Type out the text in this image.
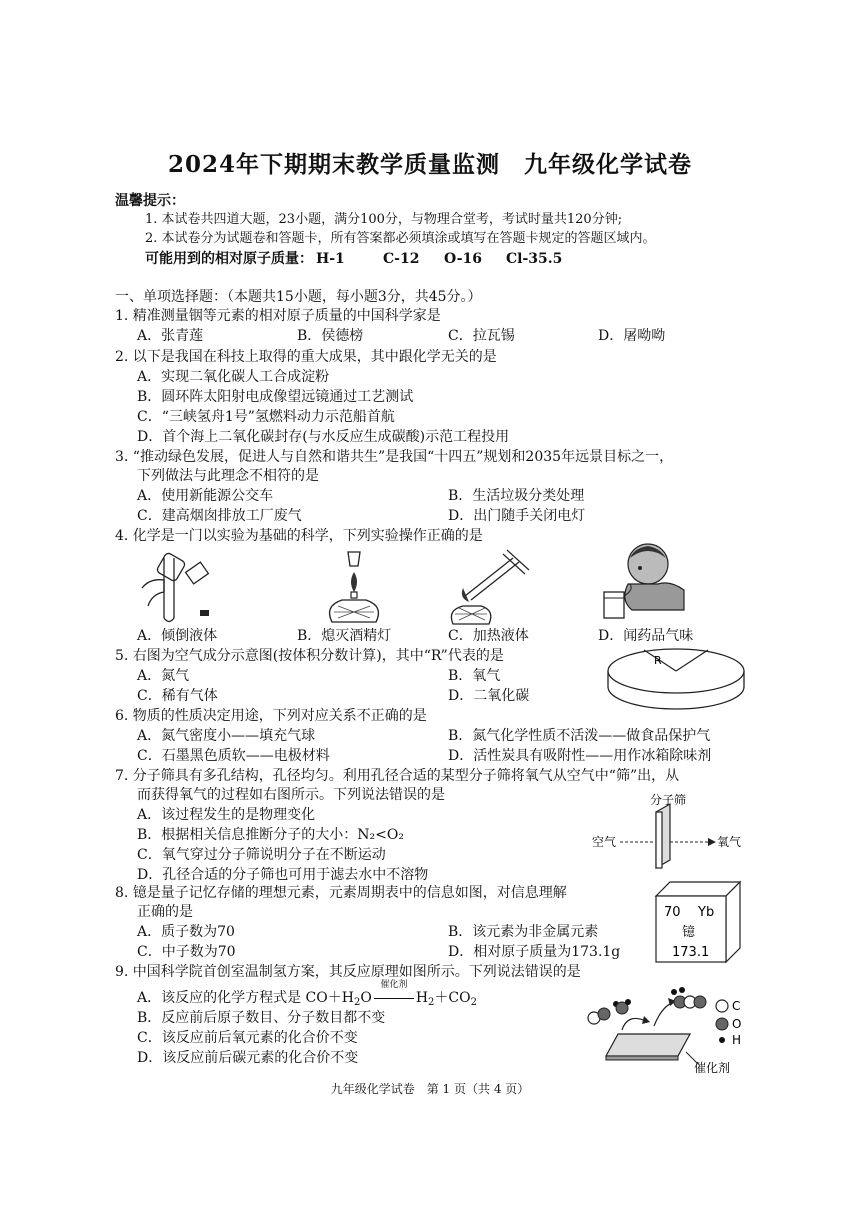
2024年下期期末教学质量监测　九年级化学试卷
温馨提示：
1. 本试卷共四道大题，23小题，满分100分，与物理合堂考，考试时量共120分钟;
2. 本试卷分为试题卷和答题卡，所有答案都必须填涂或填写在答题卡规定的答题区域内。
可能用到的相对原子质量： H-1	C-12 O-16 Cl-35.5
一、单项选择题：（本题共15小题，每小题3分，共45分。）
1. 精准测量铟等元素的相对原子质量的中国科学家是
A．张青莲	B．侯德榜	C．拉瓦锡	D．屠呦呦
2. 以下是我国在科技上取得的重大成果，其中跟化学无关的是
A．实现二氧化碳人工合成淀粉
B．圆环阵太阳射电成像望远镜通过工艺测试
C．“三峡氢舟1号”氢燃料动力示范船首航
D．首个海上二氧化碳封存(与水反应生成碳酸)示范工程投用
3. “推动绿色发展，促进人与自然和谐共生”是我国“十四五”规划和2035年远景目标之一，
下列做法与此理念不相符的是
A．使用新能源公交车	B．生活垃圾分类处理
C．建高烟囱排放工厂废气	D．出门随手关闭电灯
4. 化学是一门以实验为基础的科学，下列实验操作正确的是
A．倾倒液体	B．熄灭酒精灯	C．加热液体	D．闻药品气味
5. 右图为空气成分示意图(按体积分数计算)，其中“R”代表的是
A．氮气	B．氧气
C．稀有气体	D．二氧化碳
R
6. 物质的性质决定用途，下列对应关系不正确的是
A．氮气密度小——填充气球	B．氮气化学性质不活泼——做食品保护气
C．石墨黑色质软——电极材料	D．活性炭具有吸附性——用作冰箱除味剂
7. 分子筛具有多孔结构，孔径均匀。利用孔径合适的某型分子筛将氧气从空气中“筛”出，从
而获得氧气的过程如右图所示。下列说法错误的是
A．该过程发生的是物理变化
B．根据相关信息推断分子的大小：N₂<O₂
C．氧气穿过分子筛说明分子在不断运动
D．孔径合适的分子筛也可用于滤去水中不溶物
分子筛
空气	氧气
8. 镱是量子记忆存储的理想元素，元素周期表中的信息如图，对信息理解
正确的是
A．质子数为70	B．该元素为非金属元素
C．中子数为70	D．相对原子质量为173.1g
70 Yb
镱
173.1
9. 中国科学院首创室温制氢方案，其反应原理如图所示。下列说法错误的是
A．该反应的化学方程式是 $CO+H_2O$
催化剂
$H_2+CO_2$
B．反应前后原子数目、分子数目都不变
C．该反应前后氧元素的化合价不变
D．该反应前后碳元素的化合价不变
C
O
H
催化剂
九年级化学试卷　第 1 页（共 4 页）
